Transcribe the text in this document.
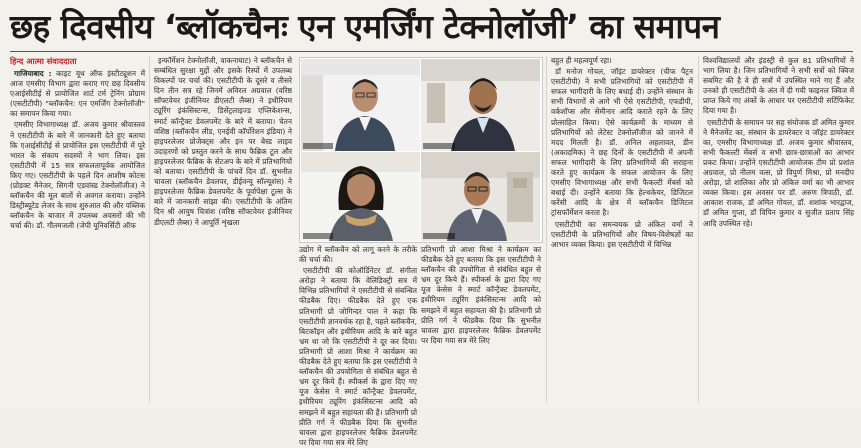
छह दिवसीय ‘ब्लॉकचैनः एन एमर्जिंग टेक्नोलॉजी’ का समापन
हिन्द आत्मा संवाददाता

गाजियाबाद : काइट यूथ ऑफ इंस्टीट्यूशन में आज एमसीए विभाग द्वारा कराए गए छह दिवसीय एआईसीटीई से प्रायोजित शार्ट टर्म ट्रेनिंग प्रोग्राम (एसटीटीपी) "ब्लॉकचैन: एन एमर्जिंग टेक्नोलॉजी" का समापन किया गया।

एमसीए विभागाध्यक्ष डॉ. अजय कुमार श्रीवास्तव ने एसटीटीपी के बारे में जानकारी देते हुए बताया कि एआईसीटीई से प्रायोजित इस एसटीटीपी में पूरे भारत के संकाय सदस्यों ने भाग लिया। इस एसटीटीपी में 15 सत्र सफलतापूर्वक आयोजित किए गए। एसटीटीपी के पहले दिन आशीष कोटस (प्रोडक्ट मैनेजर, सिगनी एडवांस्ड टेक्नोलॉजीज) ने ब्लॉकचैन की मूल बातों से अवगत कराया। उन्होंने डिस्ट्रीब्यूटेड लेजर के साथ शुरुआत की और पब्लिक ब्लॉकचैन के बाजार में उपलब्ध अवसरों की भी चर्चा की। डॉ. गौतमजली (जेपी यूनिवर्सिटी ऑफ

इन्फॉर्मेशन टेक्नोलॉजी, वाकनाघाट) ने ब्लॉकचैन से सम्बंधित सुरक्षा मुद्दों और इसके रिस्पों में उपलब्ध विकल्पों पर चर्चा की। एसटीटीपी के दूसरे व तीसरे दिन तीन सत्र रहे जिनमें अविरल अग्रवाल (वरिष्ठ सॉफ्टवेयर इंजीनियर डीएलटी लैब्स) ने इथीरियम ट्यूरिंग इंकंसिस्टन्स, डिसेंट्रलाइज्ड एप्लिकेशन्स, स्मार्ट कॉन्ट्रैक्ट डेवलपमेंट के बारे में बताया। चेतन वशिष्ठ (ब्लॉकचैन लीड, एनईवी कॉर्पोरेशन इंडिया) ने हाइपरलेजर प्रोजेक्ट्स और इन पर बेस्ड लाइव उदाहरणों को प्रस्तुत करने के साथ फैब्रिक टूल और हाइपरलेजर फैब्रिक के सेटअप के बारे में प्रतिभागियों को बताया। एसटीटीपी के पांचवें दिन डॉ. सुभनीत चावला (ब्लॉकचैन डेवलपर, डीईवन्यू सॉल्यूशंस) ने हाइपरलेजर फैब्रिक डेवलपमेंट के पूर्वापेक्षा टूल्स के बारे में जानकारी सांझा की। एसटीटीपी के अंतिम दिन श्री आयुष चित्रांश (वरिष्ठ सॉफ्टवेयर इंजीनियर डीएलटी लैब्स) ने आपूर्ति शृंखला

उद्योग में ब्लॉकचैन को लागू करने के तरीके की चर्चा की।

एसटीटीपी की कोऑर्डिनेटर डॉ. संगीता अरोड़ा ने बताया कि वेलिडिक्ट्री सत्र में विभिन्न प्रतिभागियों ने एसटीटीपी से संबन्धित फीडबैक दिए। फीडबैक देते हुए एक प्रतिभागी प्रो जोगिन्दर पाल ने कहा कि एसटीटीपी ज्ञानवर्धक रहा है, पहले ब्लॉकचैन, बिटकॉइन और इथीरियम आदि के बारे बहुत भ्रम था जो कि एसटीटीपी ने दूर कर दिया। प्रतिभागी प्रो आशा मिश्रा ने कार्यक्रम का फीडबैक देते हुए बताया कि इस एसटीटीपी ने ब्लॉकचैन की उपयोगिता से संबंधित बहुत से भ्रम दूर किये हैं। स्पीकर्स के द्वारा दिए गए यूज केसेस ने स्मार्ट कॉन्ट्रैक्ट डेवलपमेंट, इथीरियम ट्यूरिंग इंकंसिस्टन्स आदि को समझने में बहुत सहायता की है। प्रतिभागी प्रो प्रीति गर्ग ने फीडबैक दिया कि सुभनीत चावला द्वारा हाइपरलेजर फैब्रिक डेवलपमेंट पर दिया गया सत्र मेरे लिए

प्रतिभागी प्रो आशा मिश्रा ने कार्यक्रम का फीडबैक देते हुए बताया कि इस एसटीटीपी ने ब्लॉकचैन की उपयोगिता से संबंधित बहुत से भ्रम दूर किये हैं। स्पीकर्स के द्वारा दिए गए यूज केसेस ने स्मार्ट कॉन्ट्रैक्ट डेवलपमेंट, इथीरियम ट्यूरिंग इंकंसिस्टन्स आदि को समझने में बहुत सहायता की है। प्रतिभागी प्रो प्रीति गर्ग ने फीडबैक दिया कि सुभनीत चावला द्वारा हाइपरलेजर फैब्रिक डेवलपमेंट पर दिया गया सत्र मेरे लिए

बहुत ही महत्वपूर्ण रहा।

डॉ मनोज गोयल, जॉइंट डायरेक्टर (चीफ पैट्रन एसटीटीपी) ने सभी प्रतिभागियों को एसटीटीपी में सफल भागीदारी के लिए बधाई दी। उन्होंने संस्थान के सभी विभागों से आगे भी ऐसे एसटीटीपी, एफडीपी, वर्कशॉप्स और सेमीनार आदि कराते रहने के लिए प्रोत्साहित किया। ऐसे कार्यक्रमों के माध्यम से प्रतिभागियों को लेटेस्ट टेक्नोलॉजीज को जानने में मदद मिलती है। डॉ. अनिल अहलावत, डीन (अकादमिक) ने छह दिनों के एसटीटीपी में अपनी सफल भागीदारी के लिए प्रतिभागियों की सराहना करते हुए कार्यक्रम के सफल आयोजन के लिए एमसीए विभागाध्यक्ष और सभी फैकल्टी मेंबर्स को बधाई दी। उन्होंने बताया कि हेल्थकेयर, डिजिटल करेंसी आदि के क्षेत्र में ब्लॉकचैन डिजिटल ट्रांसफॉर्मेशन करता है।

एसटीटीपी का समन्वयक प्रो अंकित वर्मा ने एसटीटीपी के प्रतिभागियों और विषय-विशेषज्ञों का आभार व्यक्त किया। इस एसटीटीपी में विभिन्न

विश्वविद्यालयों और इंडस्ट्री से कुल 81 प्रतिभागियों ने भाग लिया है। जिन प्रतिभागियों ने सभी सत्रों को क्विज सबमिट की है वे ही सत्रों में उपस्थित माने गए हैं और उनको ही एसटीटीपी के अंत में दी गयी फाइनल क्विज में प्राप्त किये गए अंकों के आधार पर एसटीटीपी सर्टिफिकेट दिया गया है।

एसटीटीपी के समापन पर सह संयोजक डॉ अमित कुमार ने मैनेजमेंट का, संस्थान के डायरेक्टर व जॉइंट डायरेक्टर का, एमसीए विभागाध्यक्ष डॉ. अजय कुमार श्रीवास्तव, सभी फैकल्टी मेंबर्स व सभी छात्र-छात्राओं का आभार प्रकट किया। उन्होंने एसटीटीपी आयोजक टीम प्रो प्रशांत अग्रवाल, प्रो नीलम वत्स, प्रो विपुर्ण मिश्रा, प्रो मनदीप अरोड़ा, प्रो शालिका और प्रो अंकित वर्मा का भी आभार व्यक्त किया। इस अवसर पर डॉ. अरुण त्रिपाठी, डॉ. आकाश राजक, डॉ अमित गोयल, डॉ. शशांक भारद्वाज, डॉ अमित गुप्ता, डॉ विपिन कुमार व सुजीत प्रताप सिंह आदि उपस्थित रहे।
